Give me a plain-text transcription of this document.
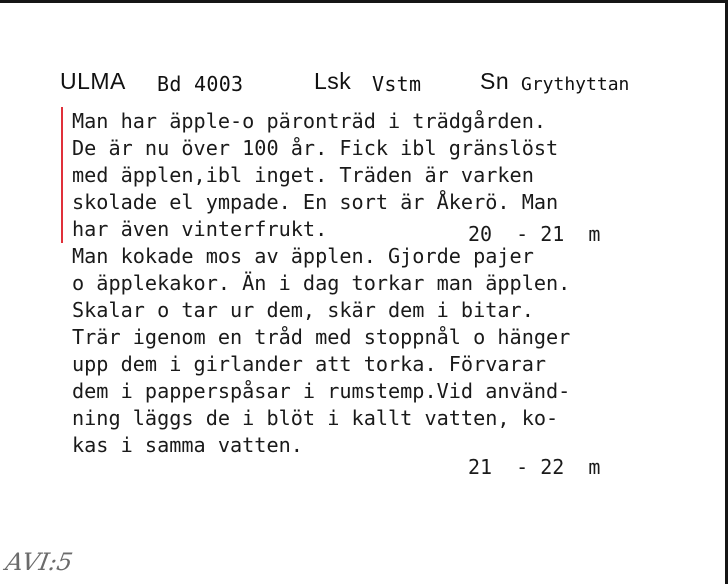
ULMA Bd 4003	Lsk Vstm	Sn Grythyttan
Man har äpple-o päronträd i trädgården.
De är nu över 100 år. Fick ibl gränslöst
med äpplen,ibl inget. Träden är varken
skolade el ympade. En sort är Åkerö. Man
har även vinterfrukt.
Man kokade mos av äpplen. Gjorde pajer
o äpplekakor. Än i dag torkar man äpplen.
Skalar o tar ur dem, skär dem i bitar.
Trär igenom en tråd med stoppnål o hänger
upp dem i girlander att torka. Förvarar
dem i papperspåsar i rumstemp.Vid använd-
ning läggs de i blöt i kallt vatten, ko-
kas i samma vatten.
20  - 21  m
21  - 22  m
AVI:5
